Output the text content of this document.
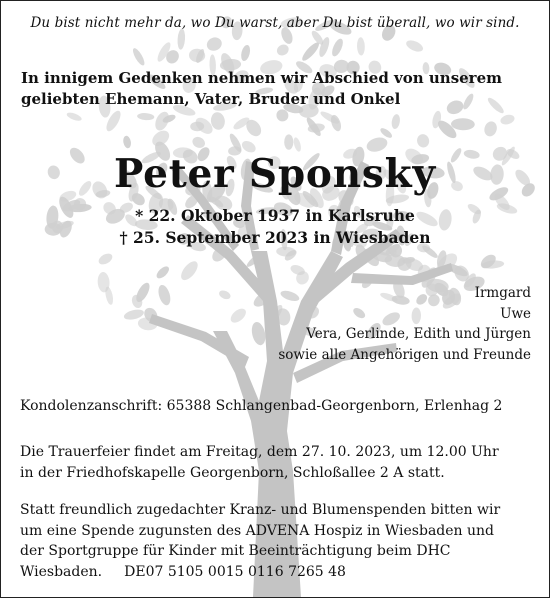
Du bist nicht mehr da, wo Du warst, aber Du bist überall, wo wir sind.
In innigem Gedenken nehmen wir Abschied von unserem
geliebten Ehemann, Vater, Bruder und Onkel
Peter Sponsky
* 22. Oktober 1937 in Karlsruhe
† 25. September 2023 in Wiesbaden
Irmgard
Uwe
Vera, Gerlinde, Edith und Jürgen
sowie alle Angehörigen und Freunde
Kondolenzanschrift: 65388 Schlangenbad-Georgenborn, Erlenhag 2
Die Trauerfeier findet am Freitag, dem 27. 10. 2023, um 12.00 Uhr
in der Friedhofskapelle Georgenborn, Schloßallee 2 A statt.
Statt freundlich zugedachter Kranz- und Blumenspenden bitten wir
um eine Spende zugunsten des ADVENA Hospiz in Wiesbaden und
der Sportgruppe für Kinder mit Beeinträchtigung beim DHC
Wiesbaden. DE07 5105 0015 0116 7265 48
